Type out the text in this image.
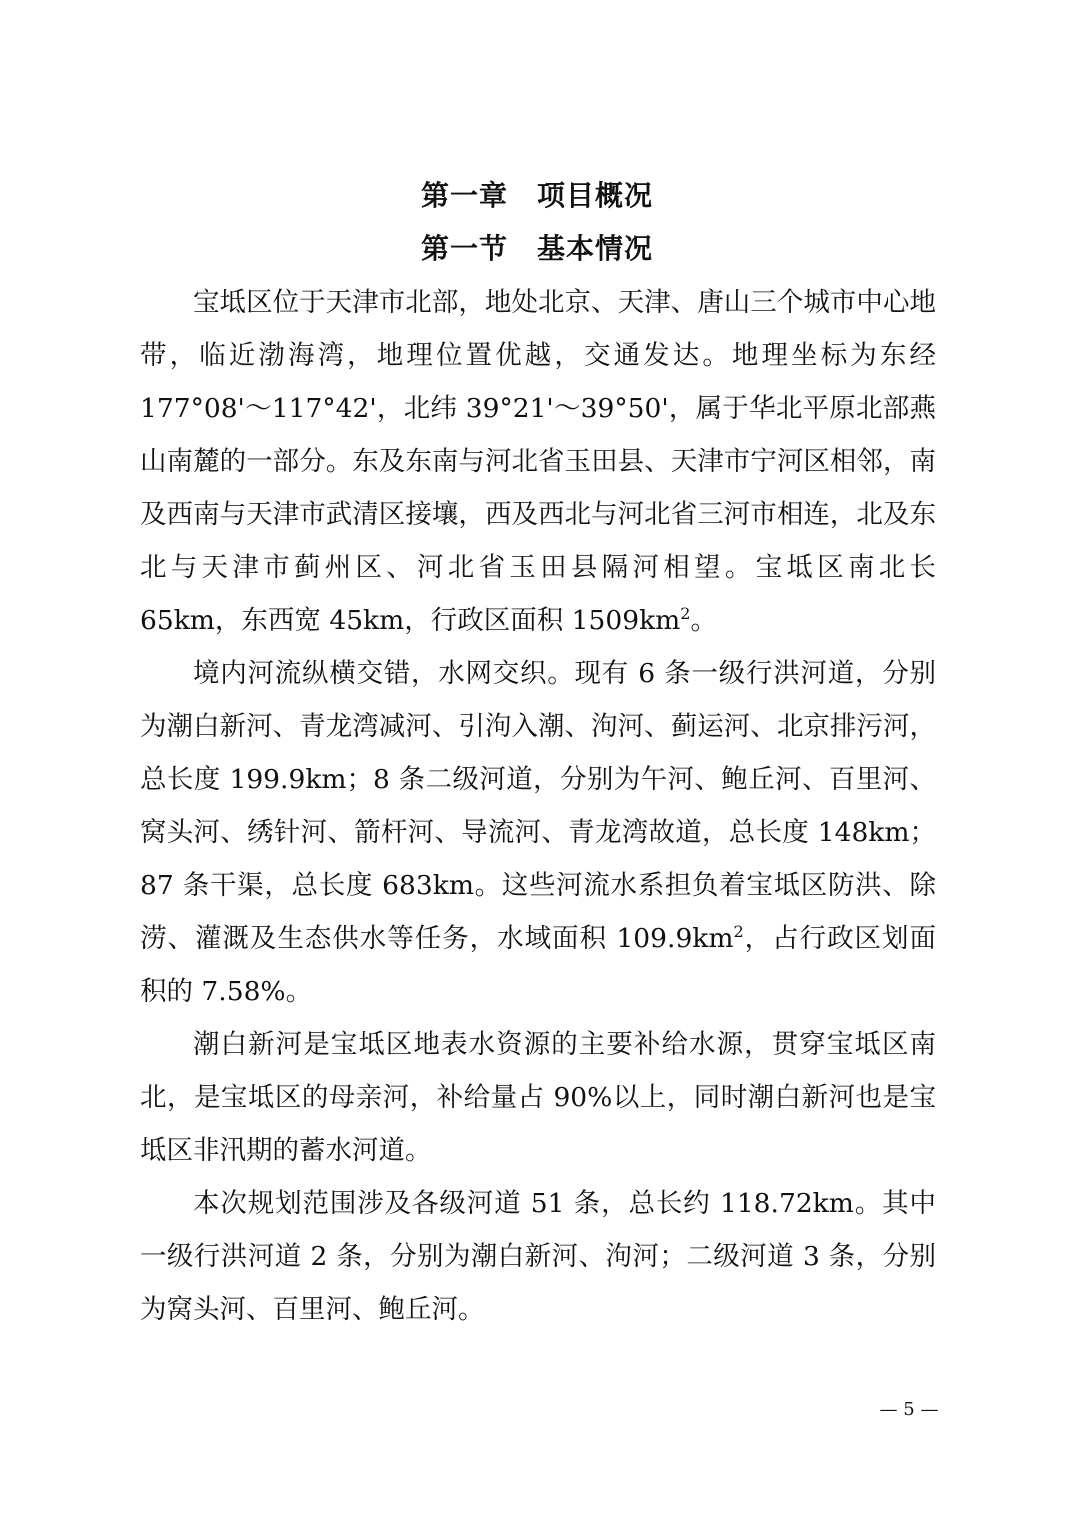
第一章　项目概况
第一节　基本情况

宝坻区位于天津市北部，地处北京、天津、唐山三个城市中心地带，临近渤海湾，地理位置优越，交通发达。地理坐标为东经 177°08'～117°42'，北纬 39°21'～39°50'，属于华北平原北部燕山南麓的一部分。东及东南与河北省玉田县、天津市宁河区相邻，南及西南与天津市武清区接壤，西及西北与河北省三河市相连，北及东北与天津市蓟州区、河北省玉田县隔河相望。宝坻区南北长 65km，东西宽 45km，行政区面积 $1509km^2$。

境内河流纵横交错，水网交织。现有 6 条一级行洪河道，分别为潮白新河、青龙湾减河、引泃入潮、泃河、蓟运河、北京排污河，总长度 199.9km；8 条二级河道，分别为午河、鲍丘河、百里河、窝头河、绣针河、箭杆河、导流河、青龙湾故道，总长度 148km；87 条干渠，总长度 683km。这些河流水系担负着宝坻区防洪、除涝、灌溉及生态供水等任务，水域面积 $109.9km^2$，占行政区划面积的 7.58%。

潮白新河是宝坻区地表水资源的主要补给水源，贯穿宝坻区南北，是宝坻区的母亲河，补给量占 90%以上，同时潮白新河也是宝坻区非汛期的蓄水河道。

本次规划范围涉及各级河道 51 条，总长约 118.72km。其中一级行洪河道 2 条，分别为潮白新河、泃河；二级河道 3 条，分别为窝头河、百里河、鲍丘河。

— 5 —
